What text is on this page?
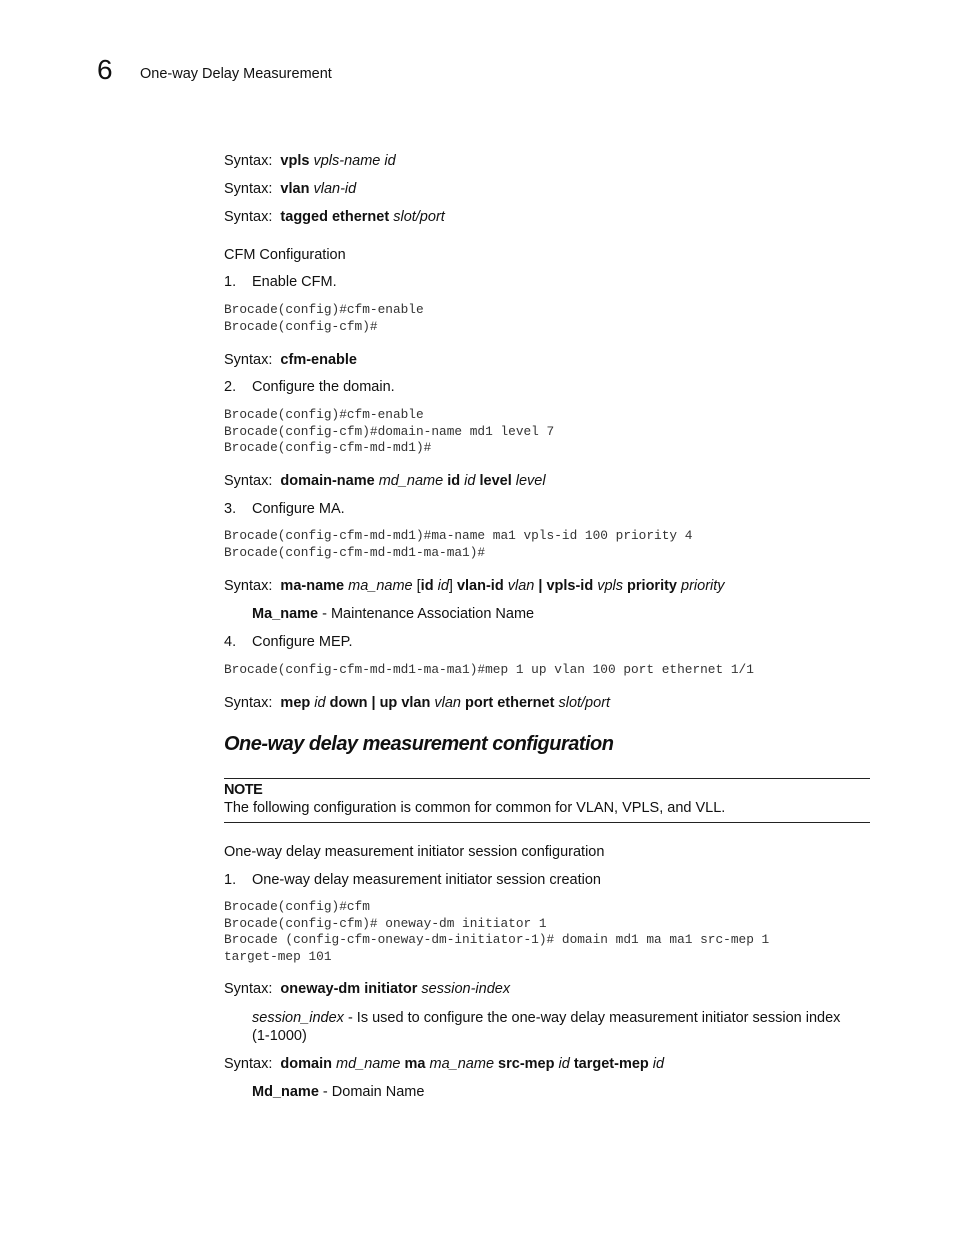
6 One-way Delay Measurement
Syntax: vpls vpls-name id
Syntax: vlan vlan-id
Syntax: tagged ethernet slot/port
CFM Configuration
1. Enable CFM.
Brocade(config)#cfm-enable
Brocade(config-cfm)#
Syntax: cfm-enable
2. Configure the domain.
Brocade(config)#cfm-enable
Brocade(config-cfm)#domain-name md1 level 7
Brocade(config-cfm-md-md1)#
Syntax: domain-name md_name id id level level
3. Configure MA.
Brocade(config-cfm-md-md1)#ma-name ma1 vpls-id 100 priority 4
Brocade(config-cfm-md-md1-ma-ma1)#
Syntax: ma-name ma_name [id id] vlan-id vlan | vpls-id vpls priority priority
Ma_name - Maintenance Association Name
4. Configure MEP.
Brocade(config-cfm-md-md1-ma-ma1)#mep 1 up vlan 100 port ethernet 1/1
Syntax: mep id down | up vlan vlan port ethernet slot/port
One-way delay measurement configuration
NOTE
The following configuration is common for common for VLAN, VPLS, and VLL.
One-way delay measurement initiator session configuration
1. One-way delay measurement initiator session creation
Brocade(config)#cfm
Brocade(config-cfm)# oneway-dm initiator 1
Brocade (config-cfm-oneway-dm-initiator-1)# domain md1 ma ma1 src-mep 1
target-mep 101
Syntax: oneway-dm initiator session-index
session_index - Is used to configure the one-way delay measurement initiator session index (1-1000)
Syntax: domain md_name ma ma_name src-mep id target-mep id
Md_name - Domain Name
